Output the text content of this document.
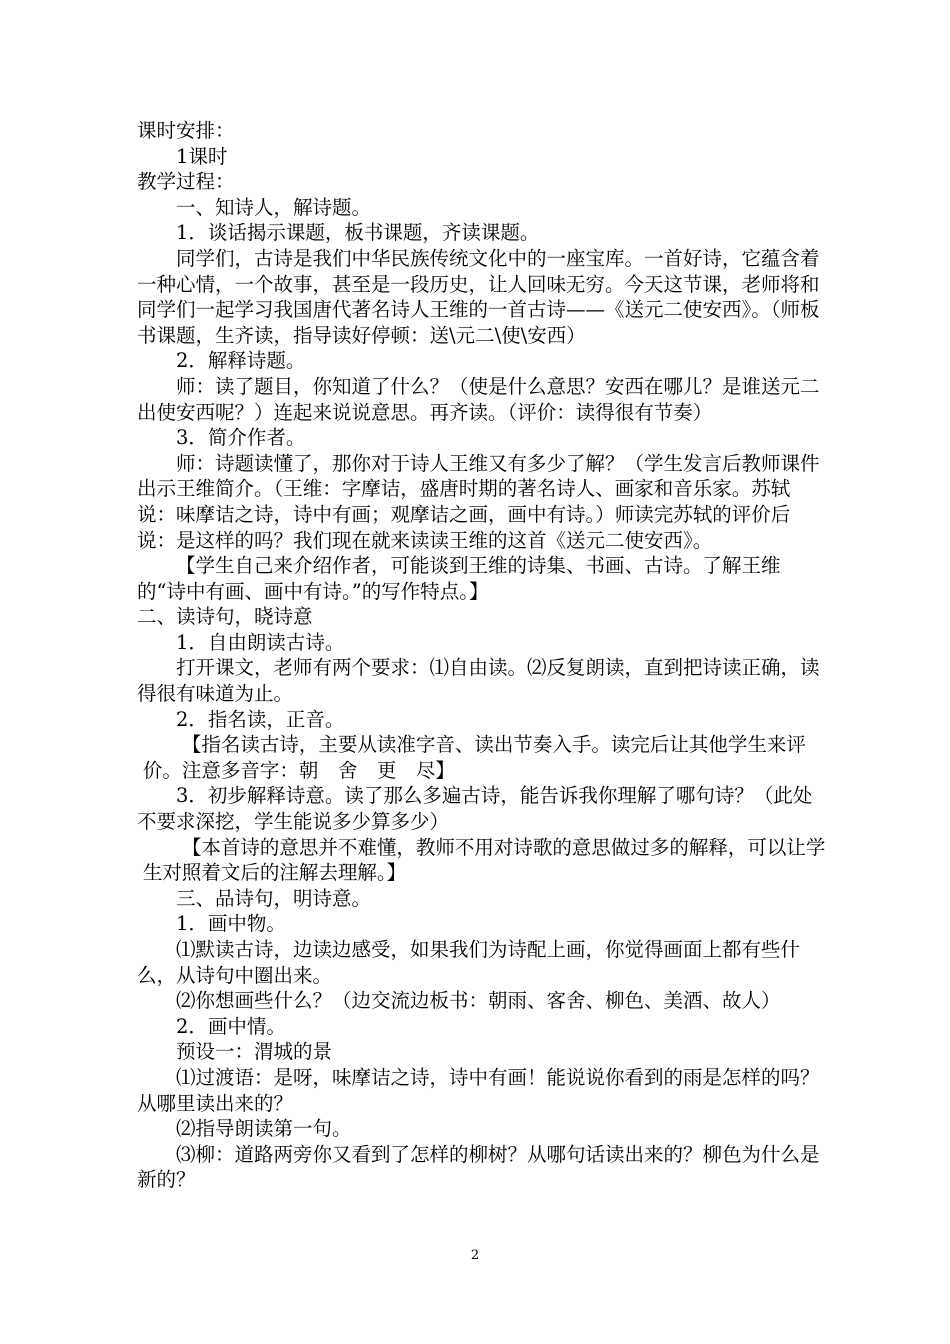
课时安排：

1课时

教学过程：

一、知诗人，解诗题。

1．谈话揭示课题，板书课题，齐读课题。

同学们，古诗是我们中华民族传统文化中的一座宝库。一首好诗，它蕴含着一种心情，一个故事，甚至是一段历史，让人回味无穷。今天这节课，老师将和同学们一起学习我国唐代著名诗人王维的一首古诗——《送元二使安西》。（师板书课题，生齐读，指导读好停顿：送\元二\使\安西）

2．解释诗题。

师：读了题目，你知道了什么？（使是什么意思？安西在哪儿？是谁送元二出使安西呢？）连起来说说意思。再齐读。（评价：读得很有节奏）

3．简介作者。

师：诗题读懂了，那你对于诗人王维又有多少了解？（学生发言后教师课件出示王维简介。（王维：字摩诘，盛唐时期的著名诗人、画家和音乐家。苏轼说：味摩诘之诗，诗中有画；观摩诘之画，画中有诗。）师读完苏轼的评价后说：是这样的吗？我们现在就来读读王维的这首《送元二使安西》。

【学生自己来介绍作者，可能谈到王维的诗集、书画、古诗。了解王维的“诗中有画、画中有诗。”的写作特点。】

二、读诗句，晓诗意

1．自由朗读古诗。

打开课文，老师有两个要求：⑴自由读。⑵反复朗读，直到把诗读正确，读得很有味道为止。

2．指名读，正音。

【指名读古诗，主要从读准字音、读出节奏入手。读完后让其他学生来评价。注意多音字：朝　舍　更　尽】

3．初步解释诗意。读了那么多遍古诗，能告诉我你理解了哪句诗？（此处不要求深挖，学生能说多少算多少）

【本首诗的意思并不难懂，教师不用对诗歌的意思做过多的解释，可以让学生对照着文后的注解去理解。】

三、品诗句，明诗意。

1．画中物。

⑴默读古诗，边读边感受，如果我们为诗配上画，你觉得画面上都有些什么，从诗句中圈出来。

⑵你想画些什么？（边交流边板书：朝雨、客舍、柳色、美酒、故人）

2．画中情。

预设一：渭城的景

⑴过渡语：是呀，味摩诘之诗，诗中有画！能说说你看到的雨是怎样的吗？从哪里读出来的？

⑵指导朗读第一句。

⑶柳：道路两旁你又看到了怎样的柳树？从哪句话读出来的？柳色为什么是新的？

2
